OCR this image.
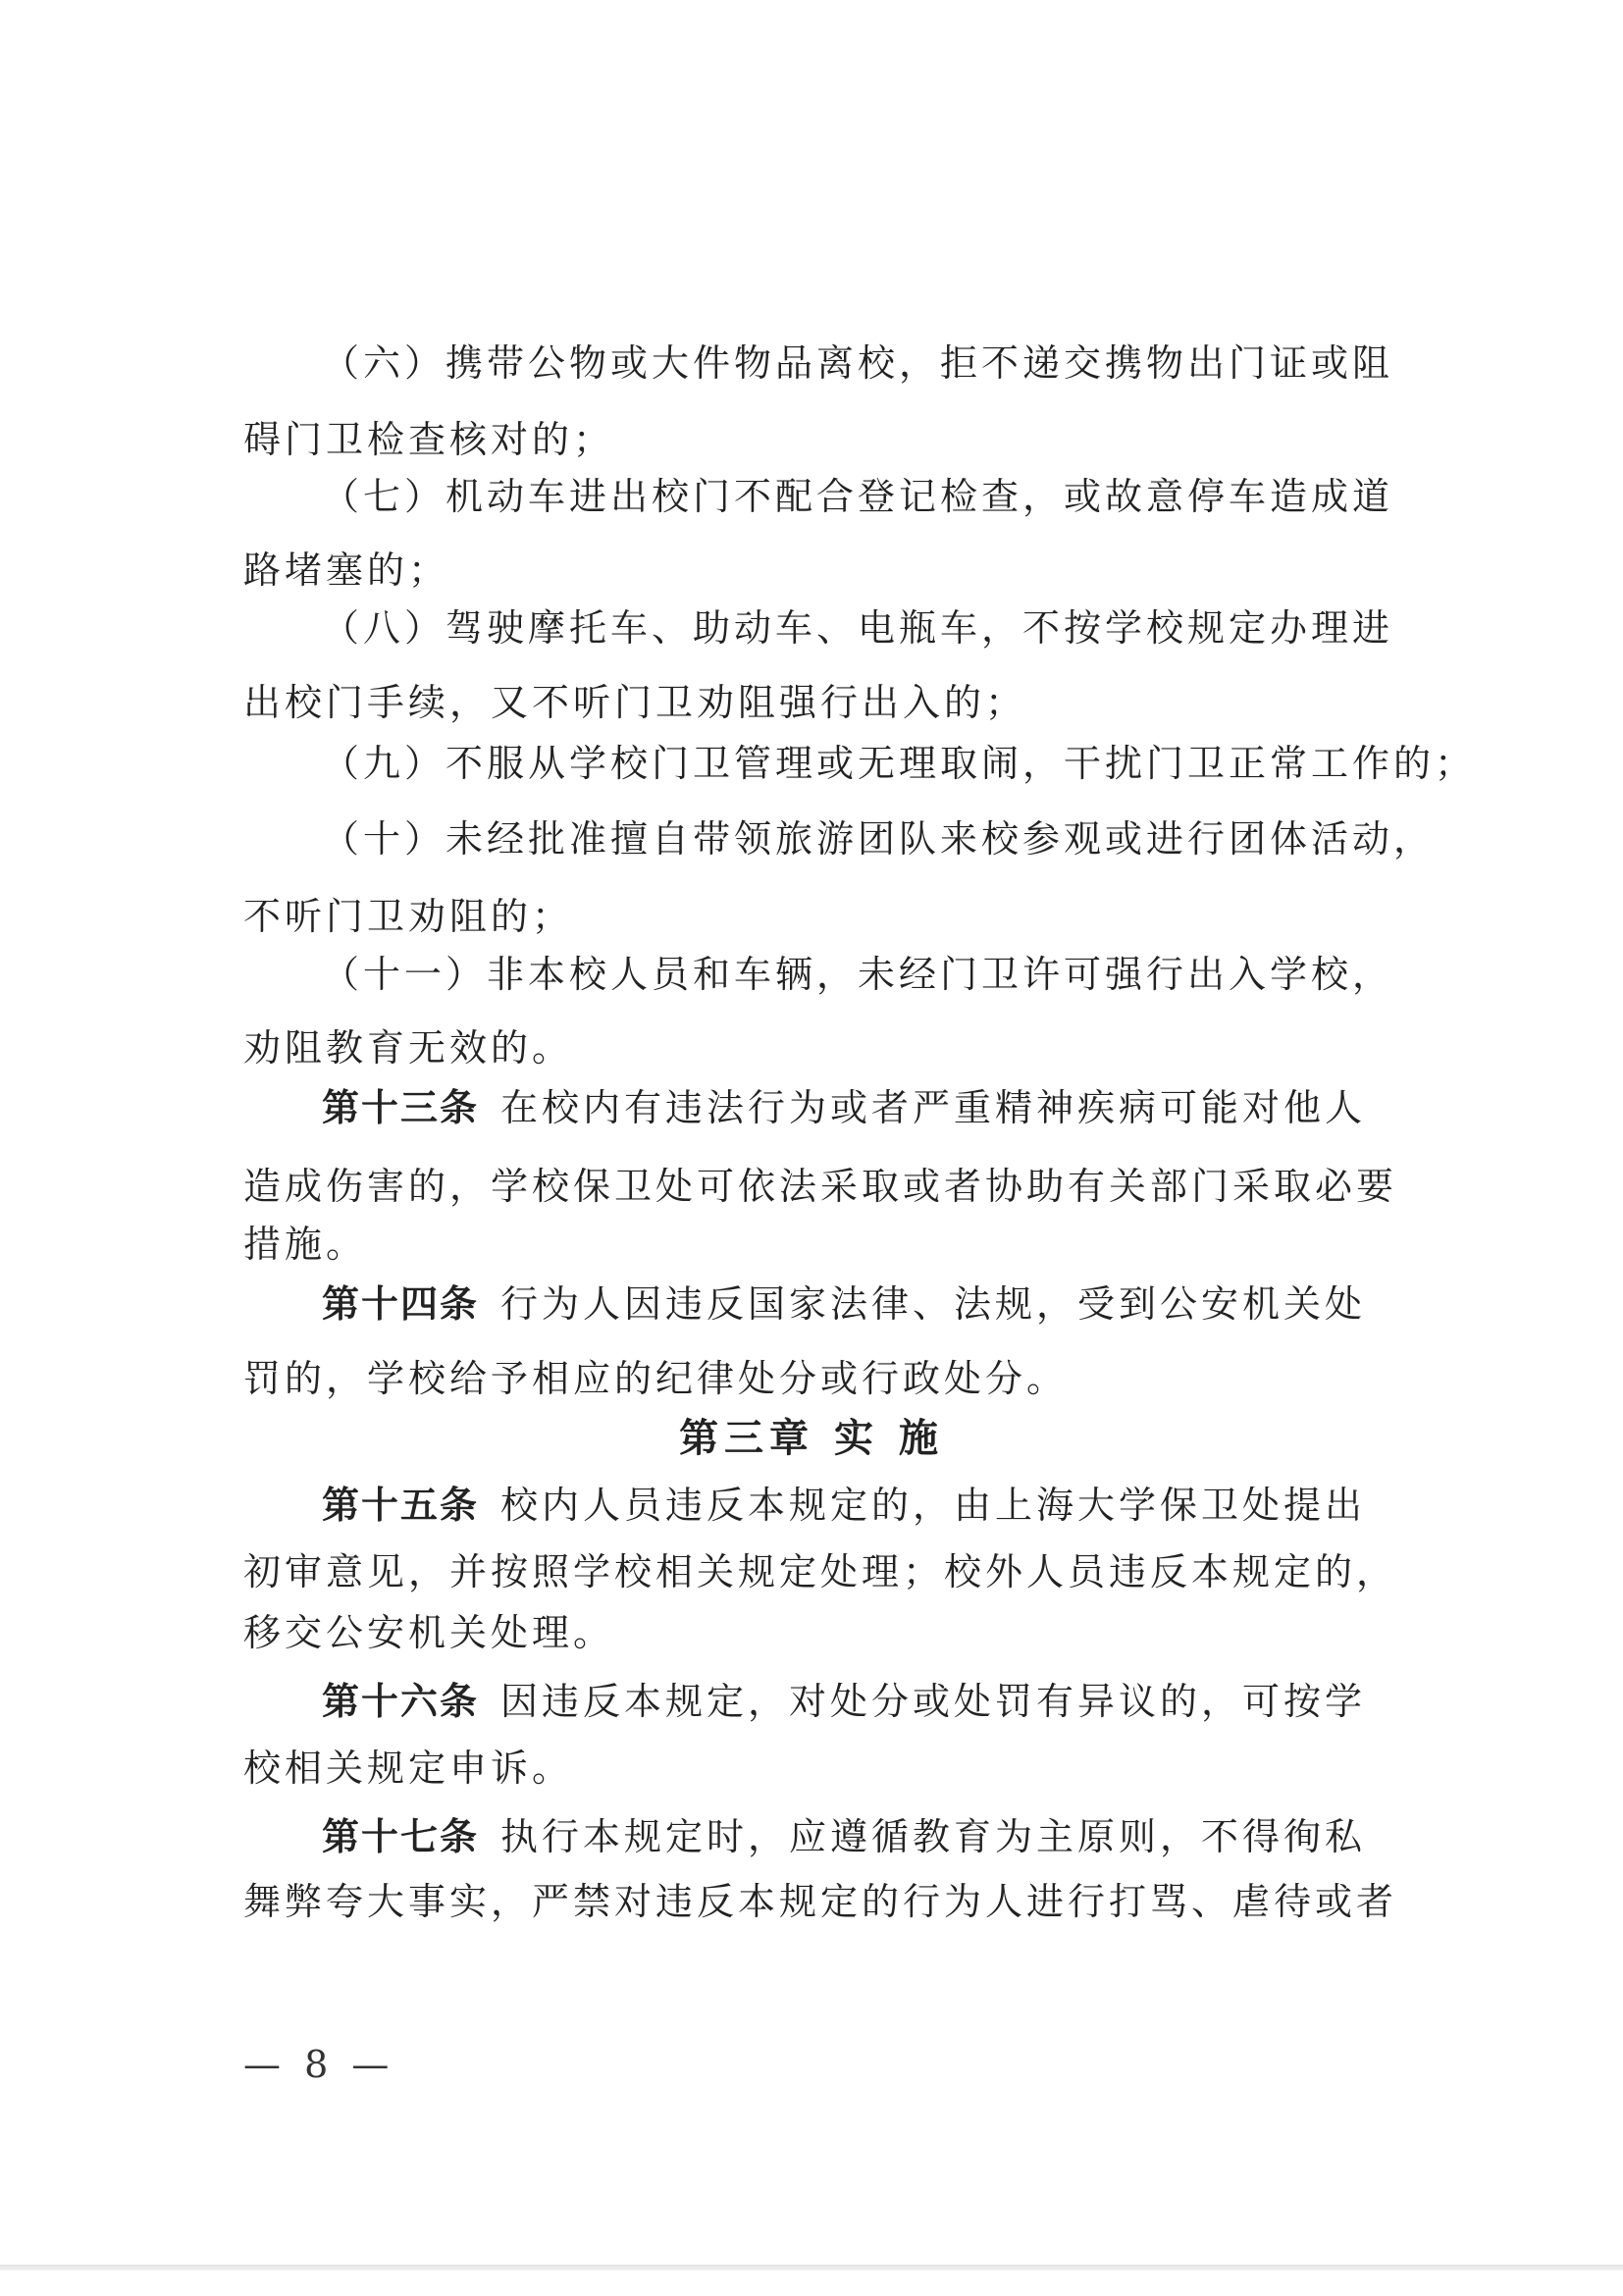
（六）携带公物或大件物品离校，拒不递交携物出门证或阻
碍门卫检查核对的；
（七）机动车进出校门不配合登记检查，或故意停车造成道
路堵塞的；
（八）驾驶摩托车、助动车、电瓶车，不按学校规定办理进
出校门手续，又不听门卫劝阻强行出入的；
（九）不服从学校门卫管理或无理取闹，干扰门卫正常工作的；
（十）未经批准擅自带领旅游团队来校参观或进行团体活动，
不听门卫劝阻的；
（十一）非本校人员和车辆，未经门卫许可强行出入学校，
劝阻教育无效的。
第十三条 在校内有违法行为或者严重精神疾病可能对他人
造成伤害的，学校保卫处可依法采取或者协助有关部门采取必要
措施。
第十四条 行为人因违反国家法律、法规，受到公安机关处
罚的，学校给予相应的纪律处分或行政处分。
第三章 实 施
第十五条 校内人员违反本规定的，由上海大学保卫处提出
初审意见，并按照学校相关规定处理；校外人员违反本规定的，
移交公安机关处理。
第十六条 因违反本规定，对处分或处罚有异议的，可按学
校相关规定申诉。
第十七条 执行本规定时，应遵循教育为主原则，不得徇私
舞弊夸大事实，严禁对违反本规定的行为人进行打骂、虐待或者
— 8 —
